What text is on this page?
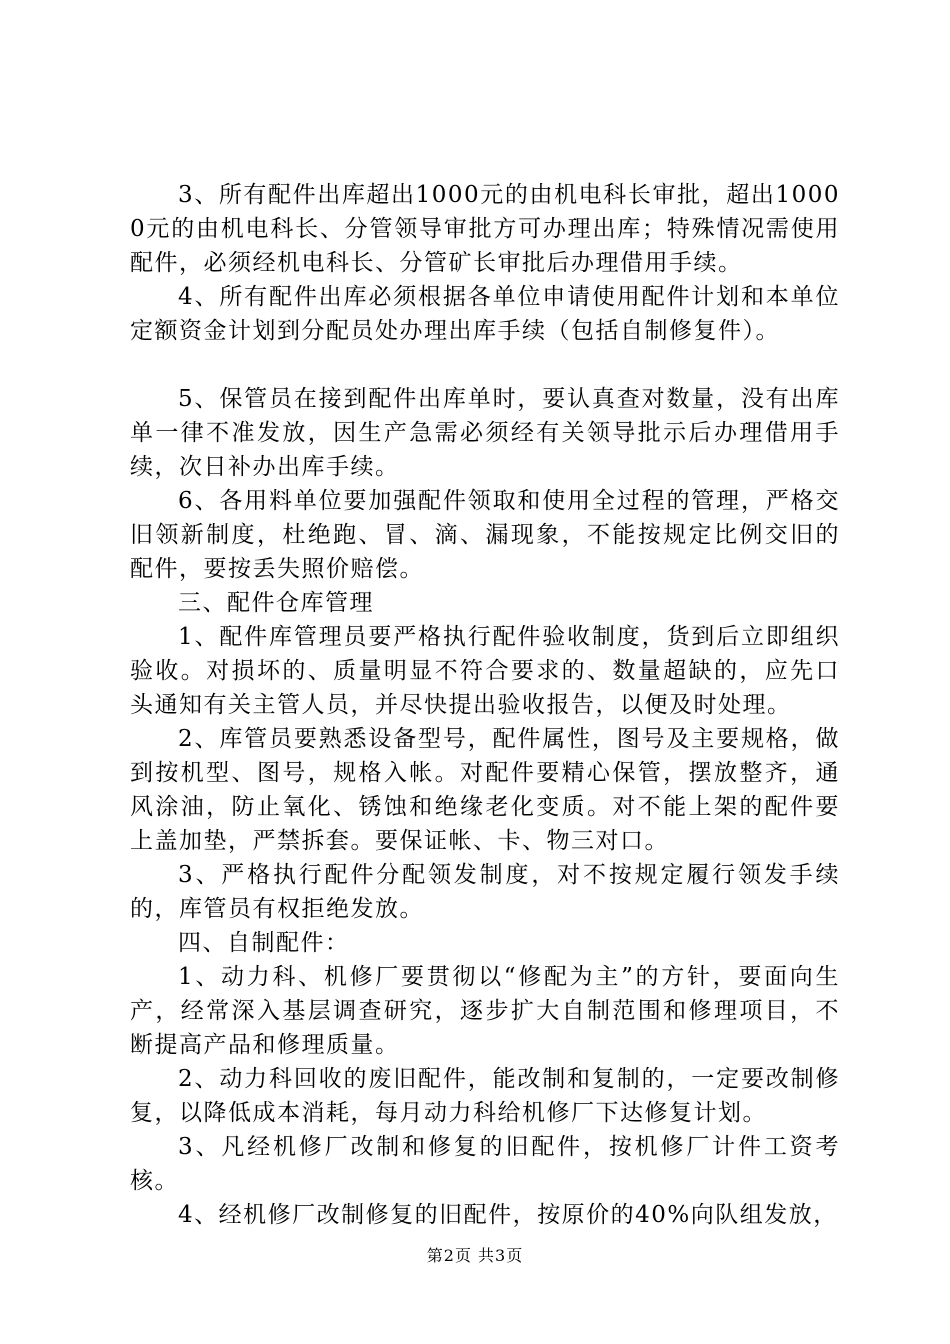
3、所有配件出库超出1000元的由机电科长审批，超出10000元的由机电科长、分管领导审批方可办理出库；特殊情况需使用配件，必须经机电科长、分管矿长审批后办理借用手续。

4、所有配件出库必须根据各单位申请使用配件计划和本单位定额资金计划到分配员处办理出库手续（包括自制修复件）。

5、保管员在接到配件出库单时，要认真查对数量，没有出库单一律不准发放，因生产急需必须经有关领导批示后办理借用手续，次日补办出库手续。

6、各用料单位要加强配件领取和使用全过程的管理，严格交旧领新制度，杜绝跑、冒、滴、漏现象，不能按规定比例交旧的配件，要按丢失照价赔偿。

三、配件仓库管理

1、配件库管理员要严格执行配件验收制度，货到后立即组织验收。对损坏的、质量明显不符合要求的、数量超缺的，应先口头通知有关主管人员，并尽快提出验收报告，以便及时处理。

2、库管员要熟悉设备型号，配件属性，图号及主要规格，做到按机型、图号，规格入帐。对配件要精心保管，摆放整齐，通风涂油，防止氧化、锈蚀和绝缘老化变质。对不能上架的配件要上盖加垫，严禁拆套。要保证帐、卡、物三对口。

3、严格执行配件分配领发制度，对不按规定履行领发手续的，库管员有权拒绝发放。

四、自制配件：

1、动力科、机修厂要贯彻以“修配为主”的方针，要面向生产，经常深入基层调查研究，逐步扩大自制范围和修理项目，不断提高产品和修理质量。

2、动力科回收的废旧配件，能改制和复制的，一定要改制修复，以降低成本消耗，每月动力科给机修厂下达修复计划。

3、凡经机修厂改制和修复的旧配件，按机修厂计件工资考核。

4、经机修厂改制修复的旧配件，按原价的40%向队组发放，

第2页 共3页
